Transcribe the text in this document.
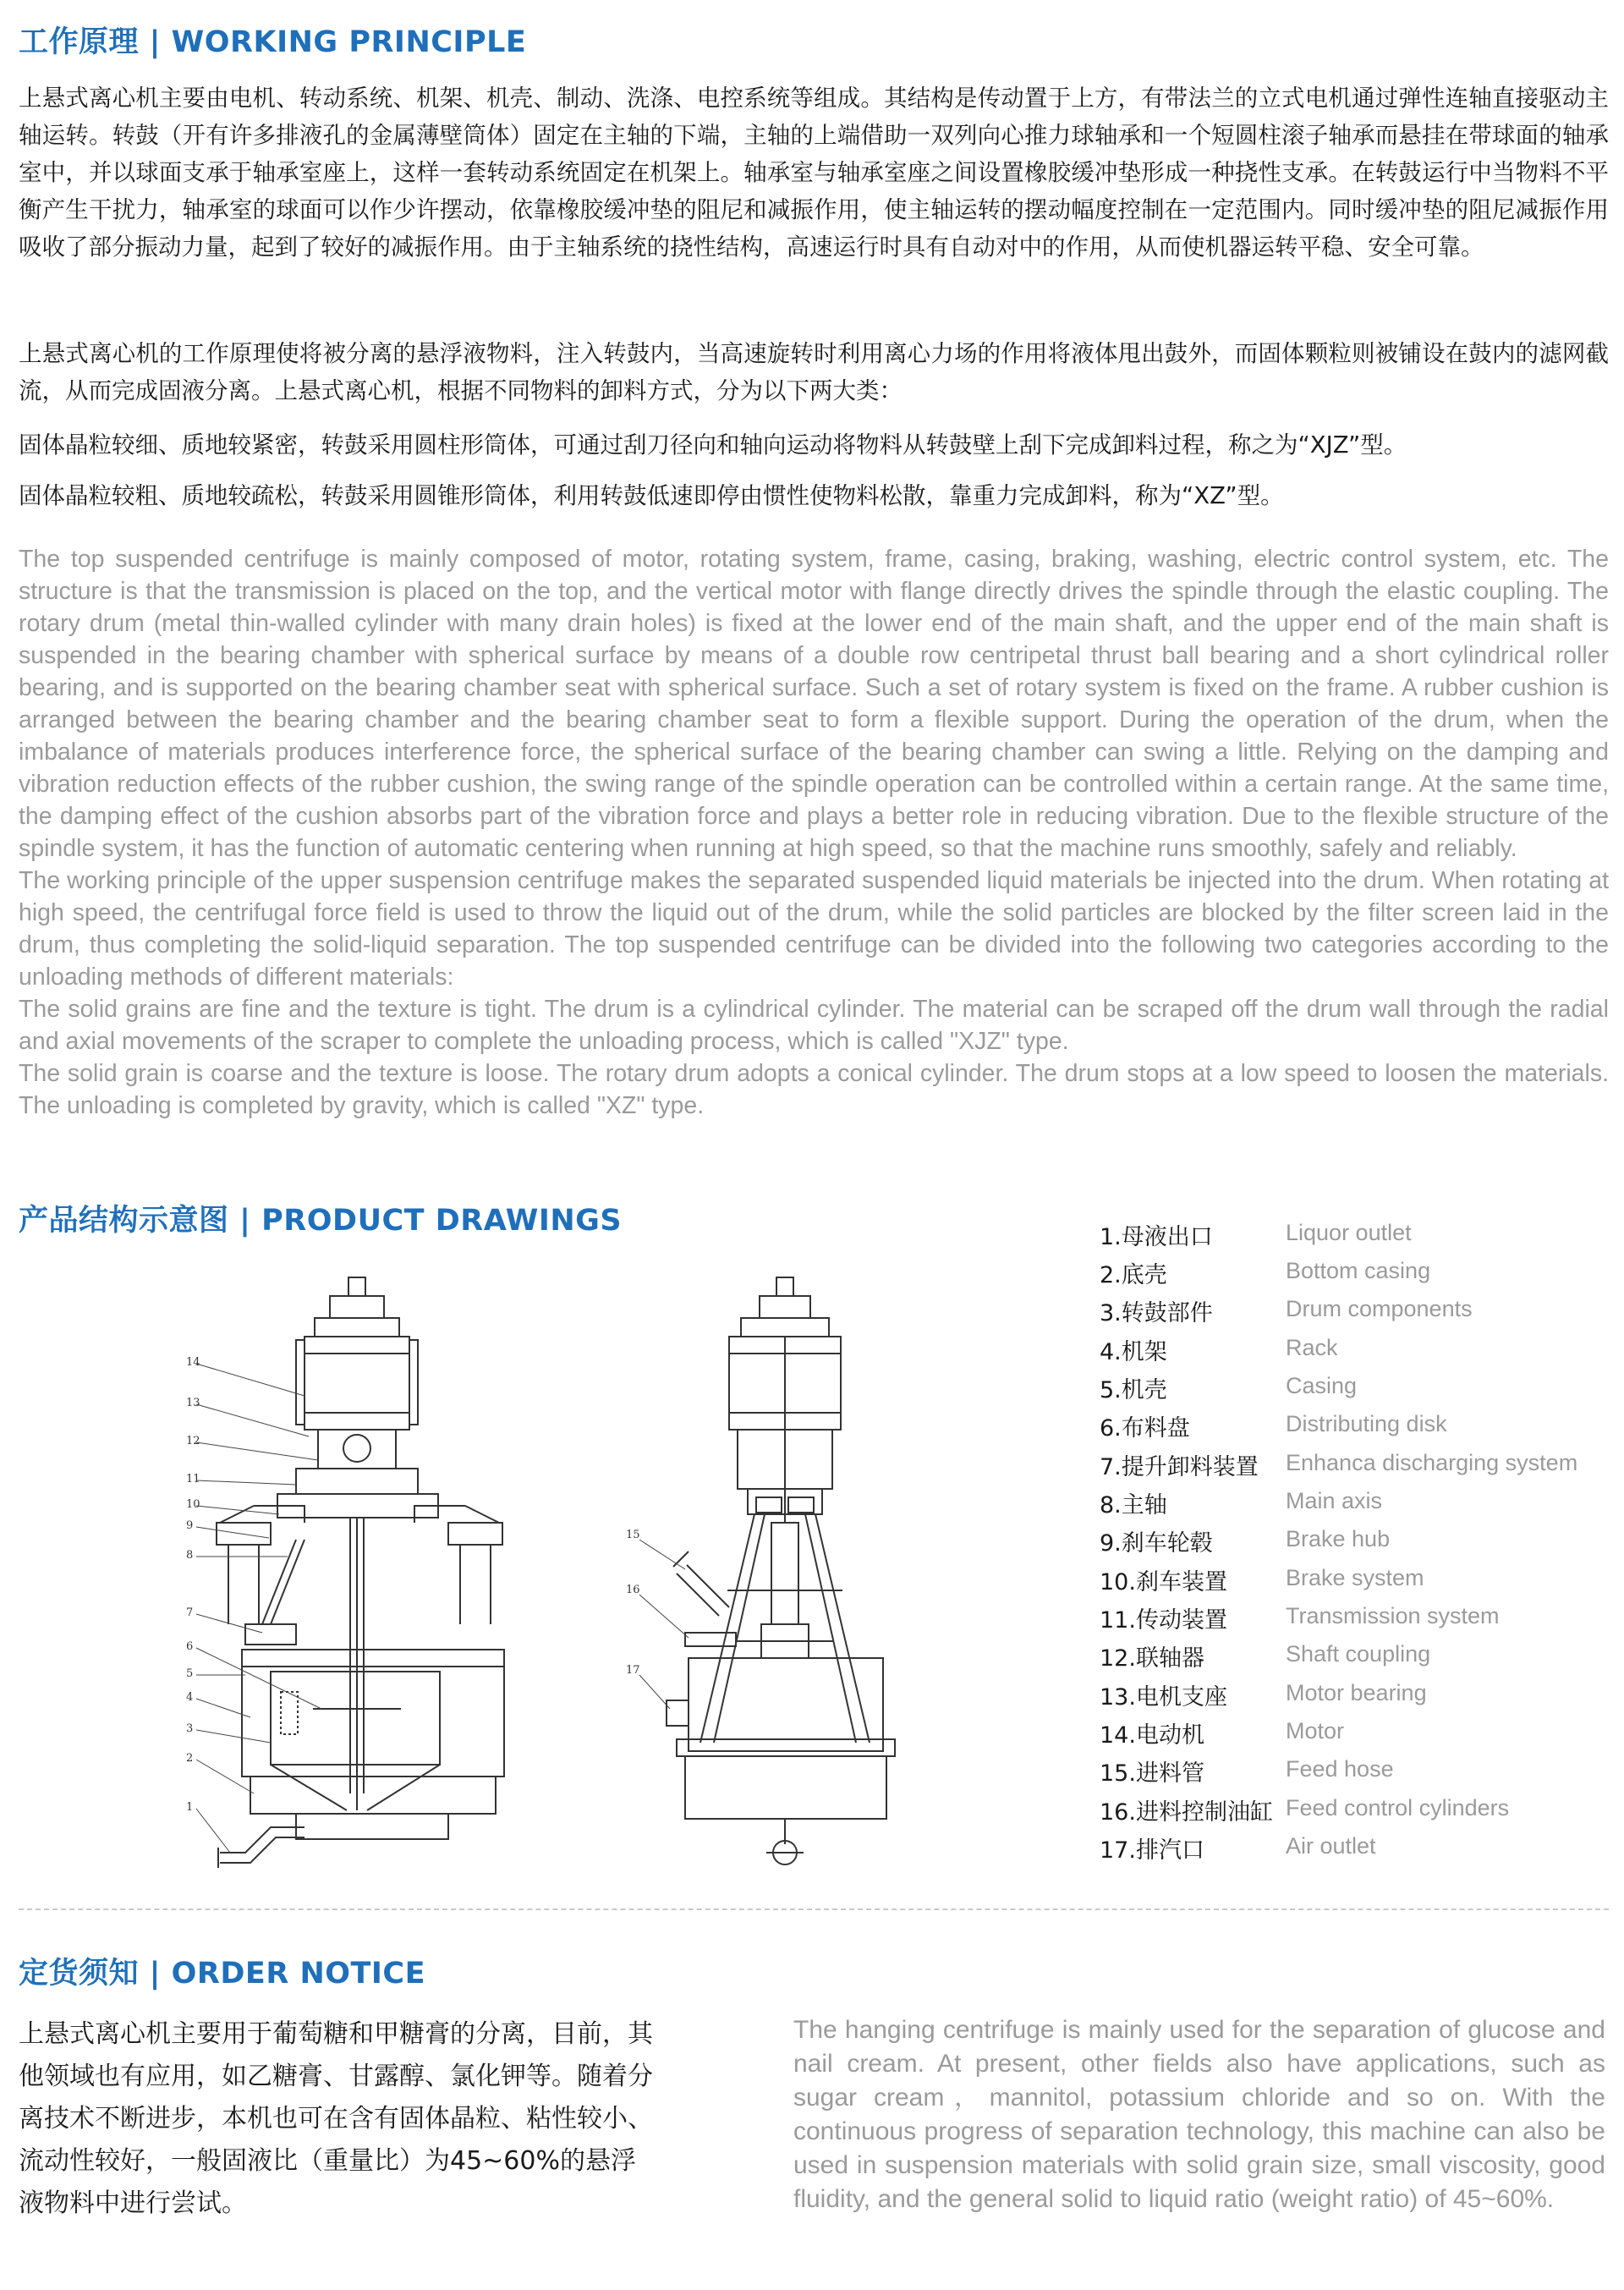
工作原理 | WORKING PRINCIPLE
上悬式离心机主要由电机、转动系统、机架、机壳、制动、洗涤、电控系统等组成。其结构是传动置于上方，有带法兰的立式电机通过弹性连轴直接驱动主轴运转。转鼓（开有许多排液孔的金属薄壁筒体）固定在主轴的下端，主轴的上端借助一双列向心推力球轴承和一个短圆柱滚子轴承而悬挂在带球面的轴承室中，并以球面支承于轴承室座上，这样一套转动系统固定在机架上。轴承室与轴承室座之间设置橡胶缓冲垫形成一种挠性支承。在转鼓运行中当物料不平衡产生干扰力，轴承室的球面可以作少许摆动，依靠橡胶缓冲垫的阻尼和减振作用，使主轴运转的摆动幅度控制在一定范围内。同时缓冲垫的阻尼减振作用吸收了部分振动力量，起到了较好的减振作用。由于主轴系统的挠性结构，高速运行时具有自动对中的作用，从而使机器运转平稳、安全可靠。
上悬式离心机的工作原理使将被分离的悬浮液物料，注入转鼓内，当高速旋转时利用离心力场的作用将液体甩出鼓外，而固体颗粒则被铺设在鼓内的滤网截流，从而完成固液分离。上悬式离心机，根据不同物料的卸料方式，分为以下两大类：
固体晶粒较细、质地较紧密，转鼓采用圆柱形筒体，可通过刮刀径向和轴向运动将物料从转鼓壁上刮下完成卸料过程，称之为“XJZ”型。
固体晶粒较粗、质地较疏松，转鼓采用圆锥形筒体，利用转鼓低速即停由惯性使物料松散，靠重力完成卸料，称为“XZ”型。

The top suspended centrifuge is mainly composed of motor, rotating system, frame, casing, braking, washing, electric control system, etc. The structure is that the transmission is placed on the top, and the vertical motor with flange directly drives the spindle through the elastic coupling. The rotary drum (metal thin-walled cylinder with many drain holes) is fixed at the lower end of the main shaft, and the upper end of the main shaft is suspended in the bearing chamber with spherical surface by means of a double row centripetal thrust ball bearing and a short cylindrical roller bearing, and is supported on the bearing chamber seat with spherical surface. Such a set of rotary system is fixed on the frame. A rubber cushion is arranged between the bearing chamber and the bearing chamber seat to form a flexible support. During the operation of the drum, when the imbalance of materials produces interference force, the spherical surface of the bearing chamber can swing a little. Relying on the damping and vibration reduction effects of the rubber cushion, the swing range of the spindle operation can be controlled within a certain range. At the same time, the damping effect of the cushion absorbs part of the vibration force and plays a better role in reducing vibration. Due to the flexible structure of the spindle system, it has the function of automatic centering when running at high speed, so that the machine runs smoothly, safely and reliably.

The working principle of the upper suspension centrifuge makes the separated suspended liquid materials be injected into the drum. When rotating at high speed, the centrifugal force field is used to throw the liquid out of the drum, while the solid particles are blocked by the filter screen laid in the drum, thus completing the solid-liquid separation. The top suspended centrifuge can be divided into the following two categories according to the unloading methods of different materials:

The solid grains are fine and the texture is tight. The drum is a cylindrical cylinder. The material can be scraped off the drum wall through the radial and axial movements of the scraper to complete the unloading process, which is called "XJZ" type.

The solid grain is coarse and the texture is loose. The rotary drum adopts a conical cylinder. The drum stops at a low speed to loosen the materials. The unloading is completed by gravity, which is called "XZ" type.

产品结构示意图 | PRODUCT DRAWINGS
14
13
12
11
10
9
8
7
6
5
4
3
2
1
15
16
17
1.母液出口	Liquor outlet
2.底壳	Bottom casing
3.转鼓部件	Drum components
4.机架	Rack
5.机壳	Casing
6.布料盘	Distributing disk
7.提升卸料装置 Enhanca discharging system
8.主轴	Main axis
9.刹车轮毂	Brake hub
10.刹车装置	Brake system
11.传动装置	Transmission system
12.联轴器	Shaft coupling
13.电机支座	Motor bearing
14.电动机	Motor
15.进料管	Feed hose
16.进料控制油缸 Feed control cylinders
17.排汽口	Air outlet
定货须知 | ORDER NOTICE
上悬式离心机主要用于葡萄糖和甲糖膏的分离，目前，其他领域也有应用，如乙糖膏、甘露醇、氯化钾等。随着分离技术不断进步，本机也可在含有固体晶粒、粘性较小、流动性较好，一般固液比（重量比）为45~60%的悬浮液物料中进行尝试。
The hanging centrifuge is mainly used for the separation of glucose and nail cream. At present, other fields also have applications, such as sugar cream，mannitol, potassium chloride and so on. With the continuous progress of separation technology, this machine can also be used in suspension materials with solid grain size, small viscosity, good fluidity, and the general solid to liquid ratio (weight ratio) of 45~60%.
